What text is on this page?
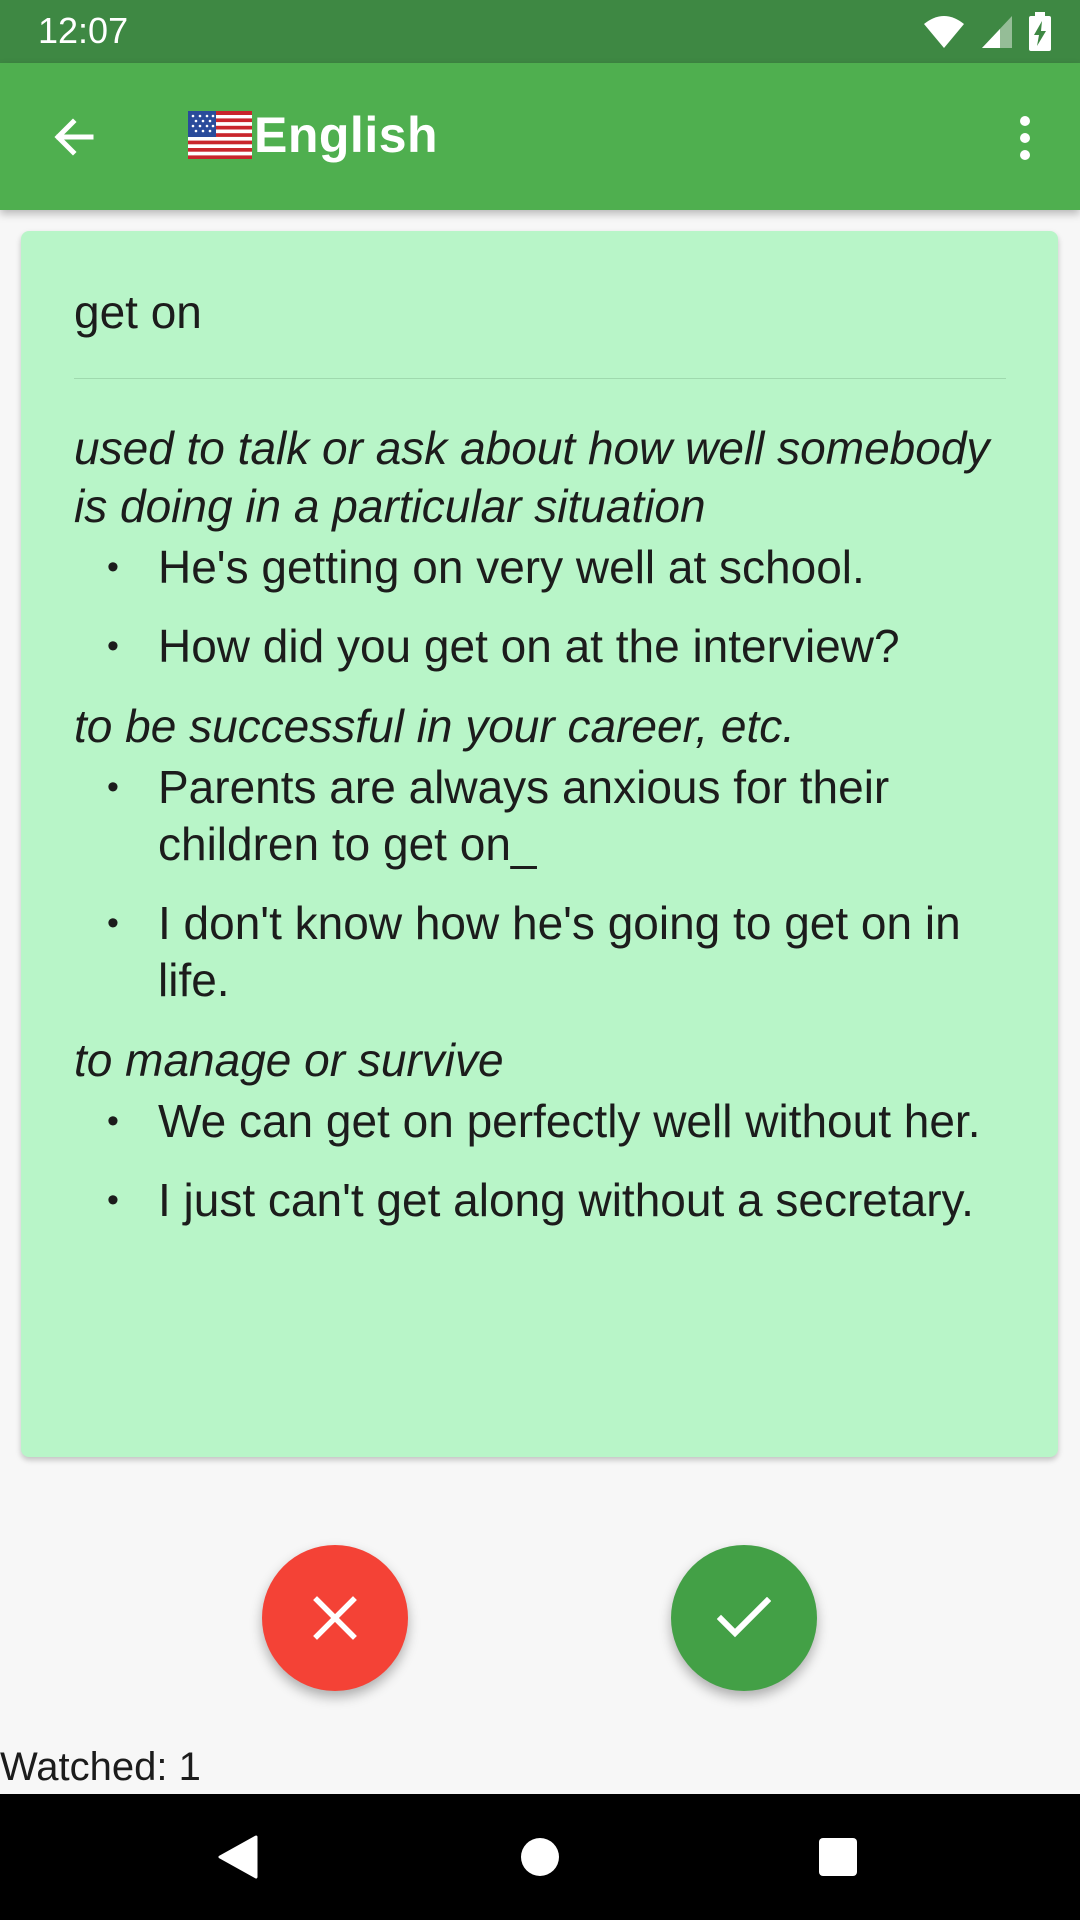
12:07
English
get on
used to talk or ask about how well somebody is doing in a particular situation
• He's getting on very well at school.
• How did you get on at the interview?
to be successful in your career, etc.
• Parents are always anxious for their children to get on_
• I don't know how he's going to get on in life.
to manage or survive
• We can get on perfectly well without her.
• I just can't get along without a secretary.
Watched: 1
